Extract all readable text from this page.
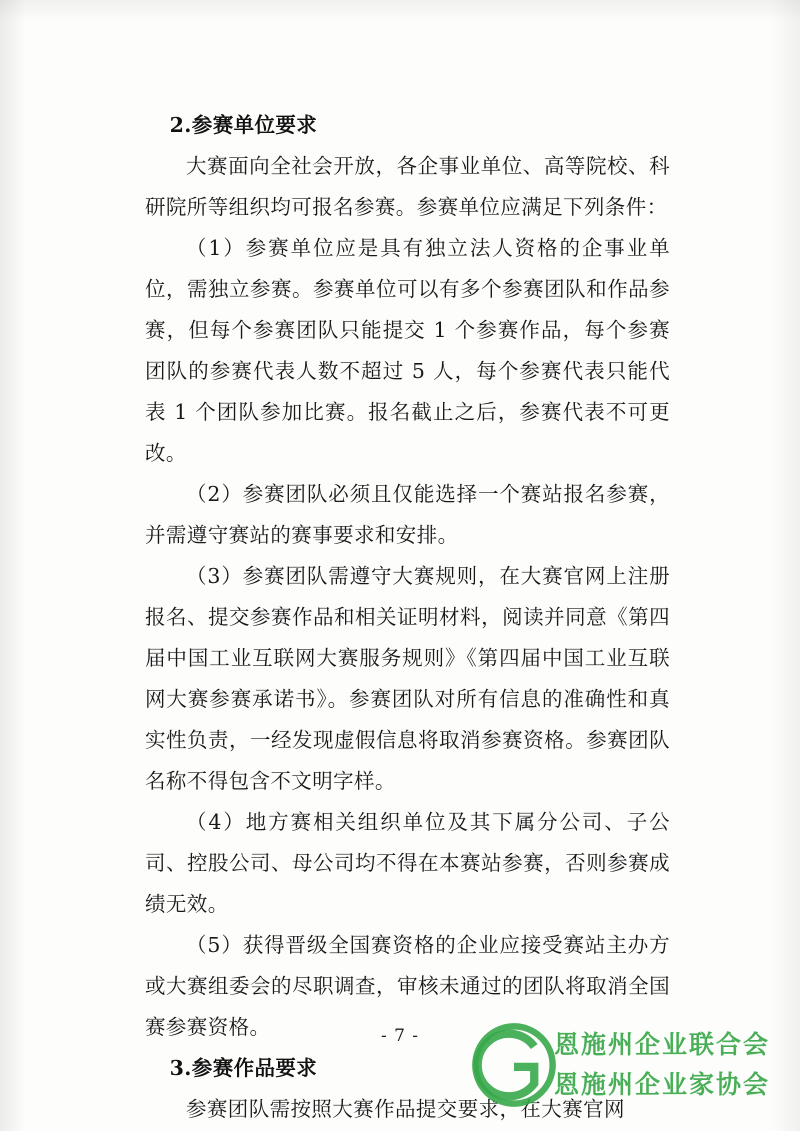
2.参赛单位要求

大赛面向全社会开放，各企事业单位、高等院校、科研院所等组织均可报名参赛。参赛单位应满足下列条件：

（1）参赛单位应是具有独立法人资格的企事业单位，需独立参赛。参赛单位可以有多个参赛团队和作品参赛，但每个参赛团队只能提交 1 个参赛作品，每个参赛团队的参赛代表人数不超过 5 人，每个参赛代表只能代表 1 个团队参加比赛。报名截止之后，参赛代表不可更改。

（2）参赛团队必须且仅能选择一个赛站报名参赛，并需遵守赛站的赛事要求和安排。

（3）参赛团队需遵守大赛规则，在大赛官网上注册报名、提交参赛作品和相关证明材料，阅读并同意《第四届中国工业互联网大赛服务规则》《第四届中国工业互联网大赛参赛承诺书》。参赛团队对所有信息的准确性和真实性负责，一经发现虚假信息将取消参赛资格。参赛团队名称不得包含不文明字样。

（4）地方赛相关组织单位及其下属分公司、子公司、控股公司、母公司均不得在本赛站参赛，否则参赛成绩无效。

（5）获得晋级全国赛资格的企业应接受赛站主办方或大赛组委会的尽职调查，审核未通过的团队将取消全国赛参赛资格。

3.参赛作品要求

参赛团队需按照大赛作品提交要求，在大赛官网

- 7 -	恩施州企业联合会
恩施州企业家协会
